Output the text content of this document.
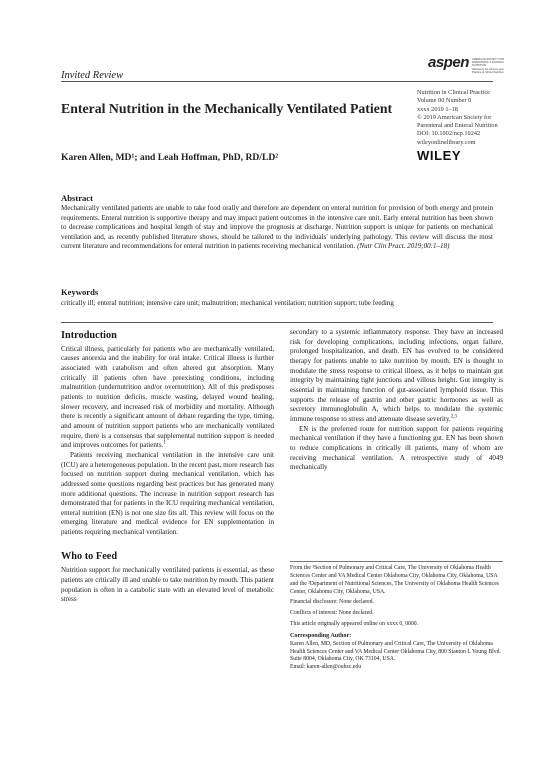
Invited Review
aspen AMERICAN SOCIETY FOR
PARENTERAL & ENTERAL NUTRITION
Advancing the Science and Practice of Clinical Nutrition
Enteral Nutrition in the Mechanically Ventilated Patient
Nutrition in Clinical Practice
Volume 00 Number 0
xxxx 2019 1–18
© 2019 American Society for
Parenteral and Enteral Nutrition
DOI: 10.1002/ncp.10242
wileyonlinelibrary.com
Karen Allen, MD¹; and Leah Hoffman, PhD, RD/LD²	WILEY
Abstract
Mechanically ventilated patients are unable to take food orally and therefore are dependent on enteral nutrition for provision of both energy and protein requirements. Enteral nutrition is supportive therapy and may impact patient outcomes in the intensive care unit. Early enteral nutrition has been shown to decrease complications and hospital length of stay and improve the prognosis at discharge. Nutrition support is unique for patients on mechanical ventilation and, as recently published literature shows, should be tailored to the individuals' underlying pathology. This review will discuss the most current literature and recommendations for enteral nutrition in patients receiving mechanical ventilation. (Nutr Clin Pract. 2019;00:1–18)
Keywords
critically ill; enteral nutrition; intensive care unit; malnutrition; mechanical ventilation; nutrition support; tube feeding
Introduction

Critical illness, particularly for patients who are mechanically ventilated, causes anorexia and the inability for oral intake. Critical illness is further associated with catabolism and often altered gut absorption. Many critically ill patients often have preexisting conditions, including malnutrition (undernutrition and/or overnutrition). All of this predisposes patients to nutrition deficits, muscle wasting, delayed wound healing, slower recovery, and increased risk of morbidity and mortality. Although there is recently a significant amount of debate regarding the type, timing, and amount of nutrition support patients who are mechanically ventilated require, there is a consensus that supplemental nutrition support is needed and improves outcomes for patients.$^1$

Patients receiving mechanical ventilation in the intensive care unit (ICU) are a heterogeneous population. In the recent past, more research has focused on nutrition support during mechanical ventilation, which has addressed some questions regarding best practices but has generated many more additional questions. The increase in nutrition support research has demonstrated that for patients in the ICU requiring mechanical ventilation, enteral nutrition (EN) is not one size fits all. This review will focus on the emerging literature and medical evidence for EN supplementation in patients requiring mechanical ventilation.

Who to Feed

Nutrition support for mechanically ventilated patients is essential, as these patients are critically ill and unable to take nutrition by mouth. This patient population is often in a catabolic state with an elevated level of metabolic stress

secondary to a systemic inflammatory response. They have an increased risk for developing complications, including infections, organ failure, prolonged hospitalization, and death. EN has evolved to be considered therapy for patients unable to take nutrition by mouth. EN is thought to modulate the stress response to critical illness, as it helps to maintain gut integrity by maintaining tight junctions and villous height. Gut integrity is essential in maintaining function of gut-associated lymphoid tissue. This supports the release of gastrin and other gastric hormones as well as secretory immunoglobulin A, which helps to modulate the systemic immune response to stress and attenuate disease severity.$^{2,3}$

EN is the preferred route for nutrition support for patients requiring mechanical ventilation if they have a functioning gut. EN has been shown to reduce complications in critically ill patients, many of whom are receiving mechanical ventilation. A retrospective study of 4049 mechanically

From the ¹Section of Pulmonary and Critical Care, The University of Oklahoma Health Sciences Center and VA Medical Center Oklahoma City, Oklahoma City, Oklahoma, USA and the ²Department of Nutritional Sciences, The University of Oklahoma Health Sciences Center, Oklahoma City, Oklahoma, USA.

Financial disclosure: None declared.

Conflicts of interest: None declared.

This article originally appeared online on xxxx 0, 0000.

Corresponding Author:

Karen Allen, MD, Section of Pulmonary and Critical Care, The University of Oklahoma Health Sciences Center and VA Medical Center Oklahoma City, 800 Stanton L Young Blvd. Suite 8004, Oklahoma City, OK 73104, USA.

Email: karen-allen@ouhsc.edu
